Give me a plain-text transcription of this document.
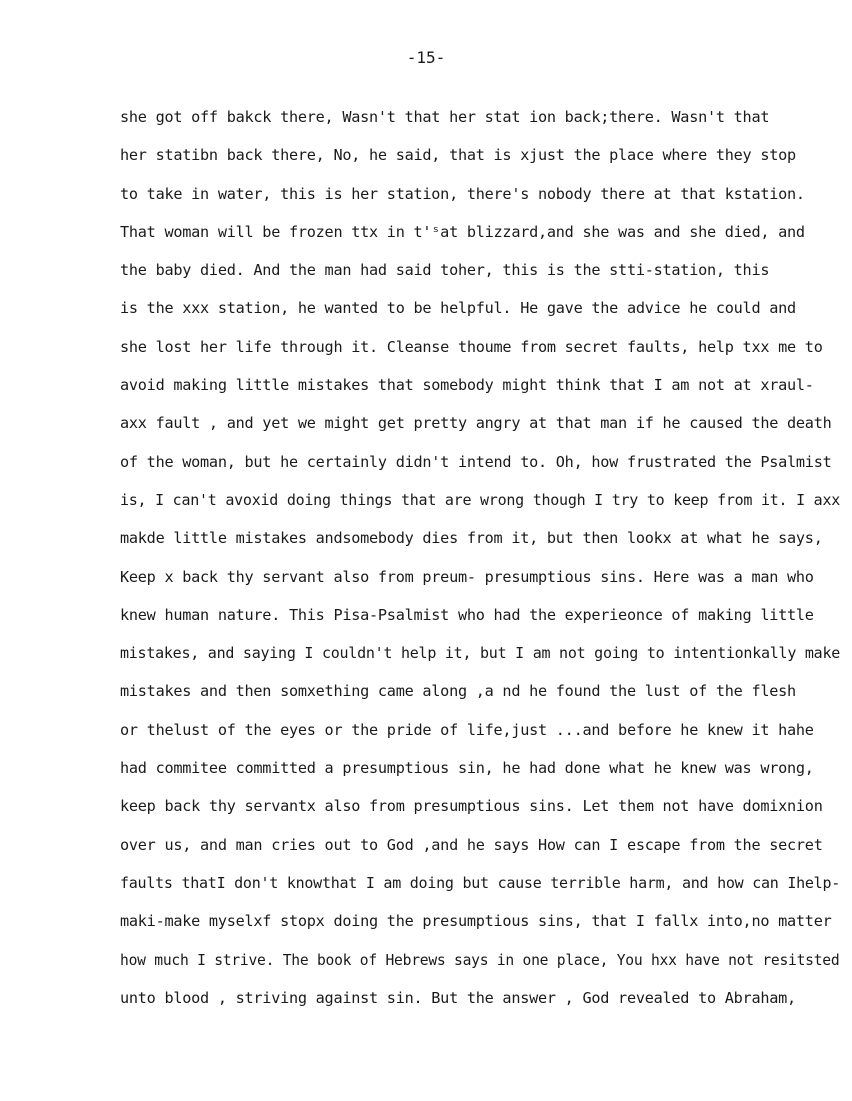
-15-
she got off bakck there, Wasn't that her stat ion back;there. Wasn't that
her statibn back there, No, he said, that is xjust the place where they stop
to take in water, this is her station, there's nobody there at that kstation.
That woman will be frozen ttx in t'ˢat blizzard,and she was and she died, and
the baby died. And the man had said toher, this is the stti-station, this
is the xxx station, he wanted to be helpful. He gave the advice he could and
she lost her life through it. Cleanse thoume from secret faults, help txx me to
avoid making little mistakes that somebody might think that I am not at xraul-
axx fault , and yet we might get pretty angry at that man if he caused the death
of the woman, but he certainly didn't intend to. Oh, how frustrated the Psalmist
is, I can't avoxid doing things that are wrong though I try to keep from it. I axx
makde little mistakes andsomebody dies from it, but then lookx at what he says,
Keep x back thy servant also from preum- presumptious sins. Here was a man who
knew human nature. This Pisa-Psalmist who had the experieonce of making little
mistakes, and saying I couldn't help it, but I am not going to intentionkally make
mistakes and then somxething came along ,a nd he found the lust of the flesh
or thelust of the eyes or the pride of life,just ...and before he knew it hahe
had commitee committed a presumptious sin, he had done what he knew was wrong,
keep back thy servantx also from presumptious sins. Let them not have domixnion
over us, and man cries out to God ,and he says How can I escape from the secret
faults thatI don't knowthat I am doing but cause terrible harm, and how can Ihelp-
maki-make myselxf stopx doing the presumptious sins, that I fallx into,no matter
how much I strive. The book of Hebrews says in one place, You hxx have not resitsted
unto blood , striving against sin. But the answer , God revealed to Abraham,
